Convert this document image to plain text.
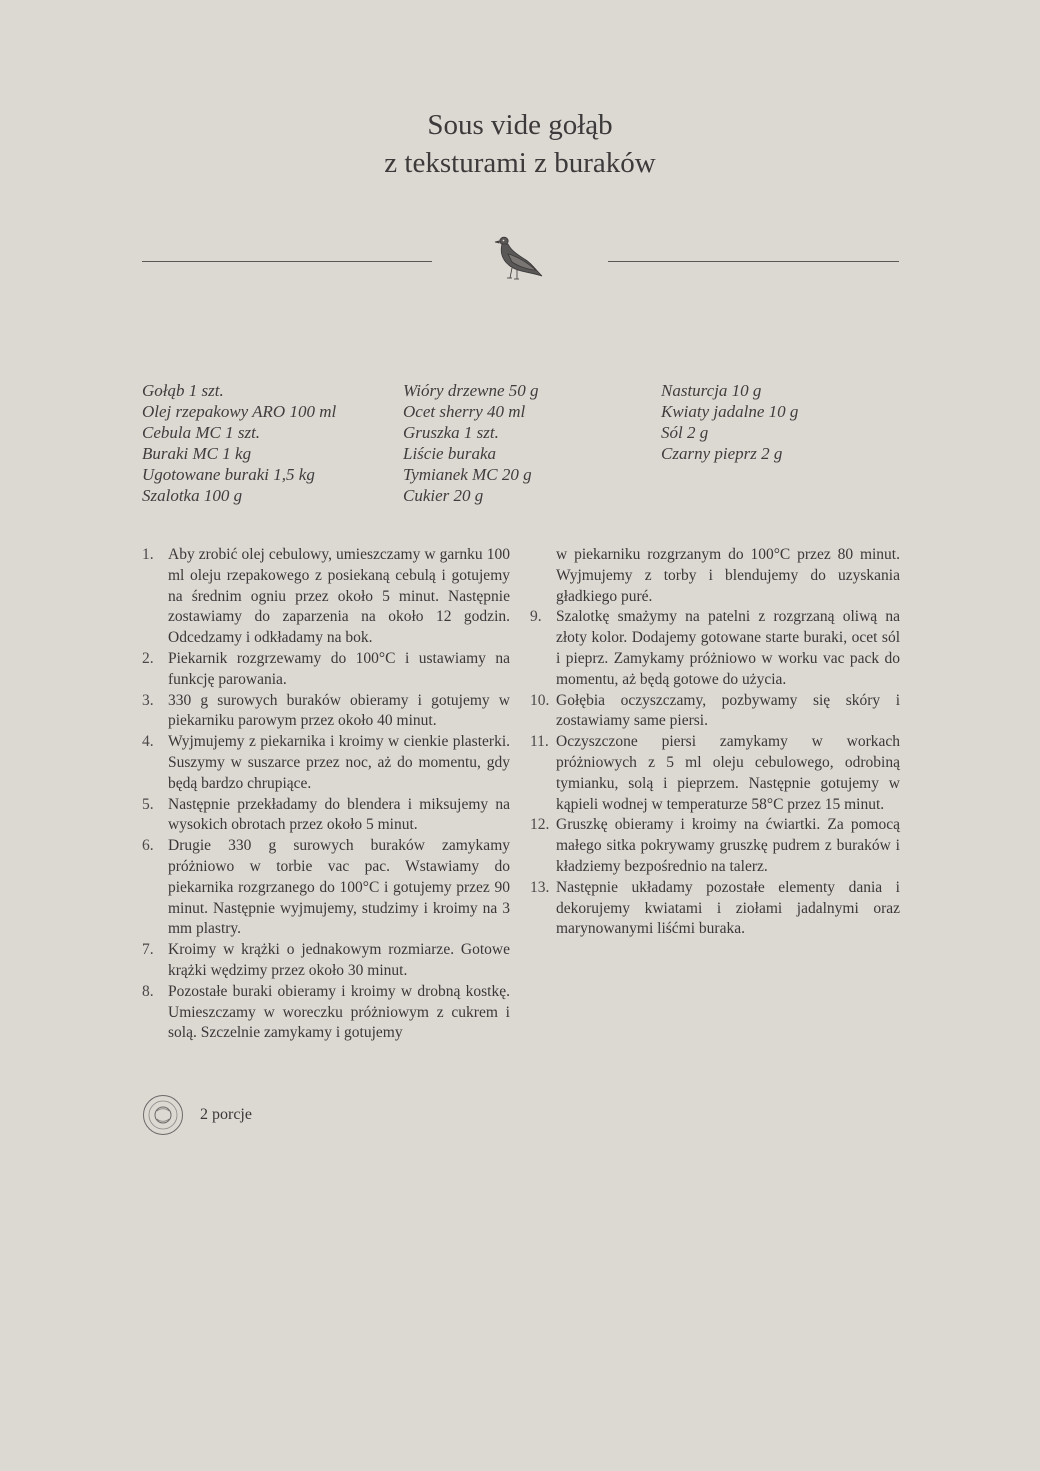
Sous vide gołąb
z teksturami z buraków
Gołąb 1 szt.
Olej rzepakowy ARO 100 ml
Cebula MC 1 szt.
Buraki MC 1 kg
Ugotowane buraki 1,5 kg
Szalotka 100 g
Wióry drzewne 50 g
Ocet sherry 40 ml
Gruszka 1 szt.
Liście buraka
Tymianek MC 20 g
Cukier 20 g
Nasturcja 10 g
Kwiaty jadalne 10 g
Sól 2 g
Czarny pieprz 2 g
1. Aby zrobić olej cebulowy, umieszczamy w garnku 100 ml oleju rzepakowego z posiekaną cebulą i gotujemy na średnim ogniu przez około 5 minut. Następnie zostawiamy do zaparzenia na około 12 godzin. Odcedzamy i odkładamy na bok.
2. Piekarnik rozgrzewamy do 100°C i ustawiamy na funkcję parowania.
3. 330 g surowych buraków obieramy i gotujemy w piekarniku parowym przez około 40 minut.
4. Wyjmujemy z piekarnika i kroimy w cienkie plasterki. Suszymy w suszarce przez noc, aż do momentu, gdy będą bardzo chrupiące.
5. Następnie przekładamy do blendera i miksujemy na wysokich obrotach przez około 5 minut.
6. Drugie 330 g surowych buraków zamykamy próżniowo w torbie vac pac. Wstawiamy do piekarnika rozgrzanego do 100°C i gotujemy przez 90 minut. Następnie wyjmujemy, studzimy i kroimy na 3 mm plastry.
7. Kroimy w krążki o jednakowym rozmiarze. Gotowe krążki wędzimy przez około 30 minut.
8. Pozostałe buraki obieramy i kroimy w drobną kostkę. Umieszczamy w woreczku próżniowym z cukrem i solą. Szczelnie zamykamy i gotujemy
w piekarniku rozgrzanym do 100°C przez 80 minut. Wyjmujemy z torby i blendujemy do uzyskania gładkiego puré.
9. Szalotkę smażymy na patelni z rozgrzaną oliwą na złoty kolor. Dodajemy gotowane starte buraki, ocet sól i pieprz. Zamykamy próżniowo w worku vac pack do momentu, aż będą gotowe do użycia.
10. Gołębia oczyszczamy, pozbywamy się skóry i zostawiamy same piersi.
11. Oczyszczone piersi zamykamy w workach próżniowych z 5 ml oleju cebulowego, odrobiną tymianku, solą i pieprzem. Następnie gotujemy w kąpieli wodnej w temperaturze 58°C przez 15 minut.
12. Gruszkę obieramy i kroimy na ćwiartki. Za pomocą małego sitka pokrywamy gruszkę pudrem z buraków i kładziemy bezpośrednio na talerz.
13. Następnie układamy pozostałe elementy dania i dekorujemy kwiatami i ziołami jadalnymi oraz marynowanymi liśćmi buraka.
2 porcje
